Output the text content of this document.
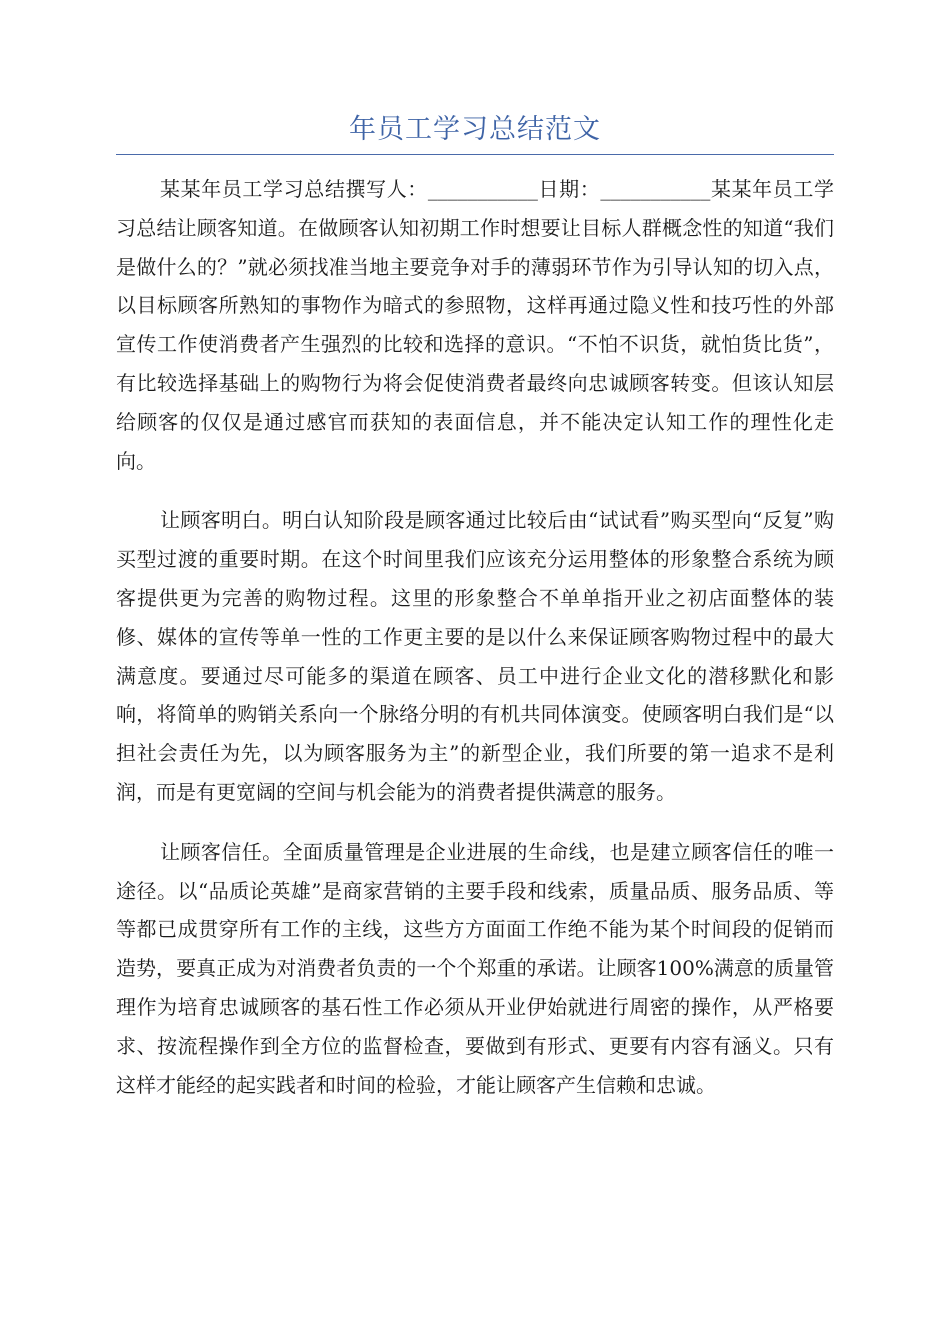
年员工学习总结范文

某某年员工学习总结撰写人：___________日期：___________某某年员工学习总结让顾客知道。在做顾客认知初期工作时想要让目标人群概念性的知道“我们是做什么的？”就必须找准当地主要竞争对手的薄弱环节作为引导认知的切入点，以目标顾客所熟知的事物作为暗式的参照物，这样再通过隐义性和技巧性的外部宣传工作使消费者产生强烈的比较和选择的意识。“不怕不识货，就怕货比货”，有比较选择基础上的购物行为将会促使消费者最终向忠诚顾客转变。但该认知层给顾客的仅仅是通过感官而获知的表面信息，并不能决定认知工作的理性化走向。

让顾客明白。明白认知阶段是顾客通过比较后由“试试看”购买型向“反复”购买型过渡的重要时期。在这个时间里我们应该充分运用整体的形象整合系统为顾客提供更为完善的购物过程。这里的形象整合不单单指开业之初店面整体的装修、媒体的宣传等单一性的工作更主要的是以什么来保证顾客购物过程中的最大满意度。要通过尽可能多的渠道在顾客、员工中进行企业文化的潜移默化和影响，将简单的购销关系向一个脉络分明的有机共同体演变。使顾客明白我们是“以担社会责任为先，以为顾客服务为主”的新型企业，我们所要的第一追求不是利润，而是有更宽阔的空间与机会能为的消费者提供满意的服务。

让顾客信任。全面质量管理是企业进展的生命线，也是建立顾客信任的唯一途径。以“品质论英雄”是商家营销的主要手段和线索，质量品质、服务品质、等等都已成贯穿所有工作的主线，这些方方面面工作绝不能为某个时间段的促销而造势，要真正成为对消费者负责的一个个郑重的承诺。让顾客100%满意的质量管理作为培育忠诚顾客的基石性工作必须从开业伊始就进行周密的操作，从严格要求、按流程操作到全方位的监督检查，要做到有形式、更要有内容有涵义。只有这样才能经的起实践者和时间的检验，才能让顾客产生信赖和忠诚。
